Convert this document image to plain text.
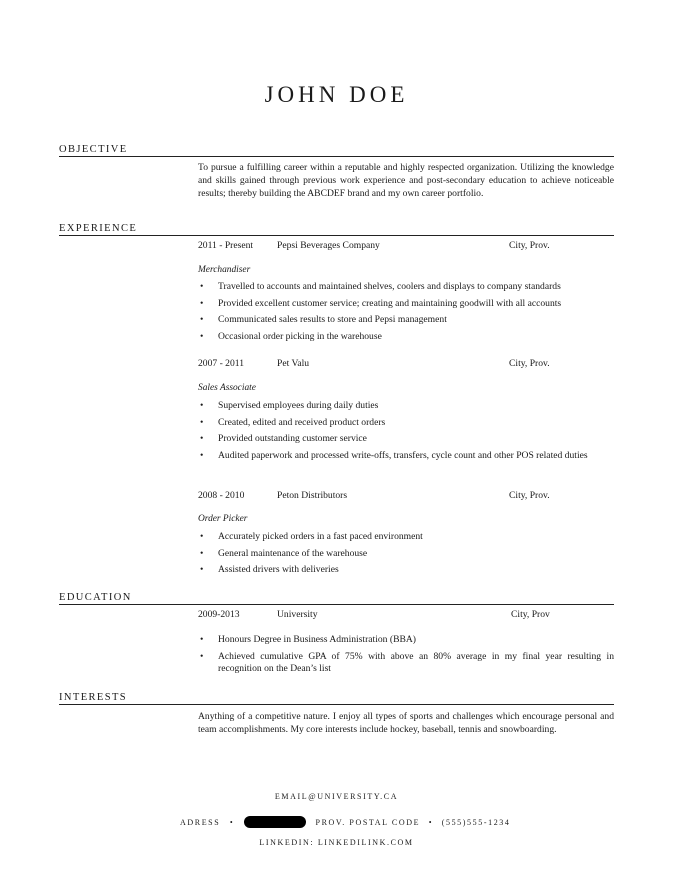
JOHN DOE
OBJECTIVE
To pursue a fulfilling career within a reputable and highly respected organization. Utilizing the knowledge and skills gained through previous work experience and post-secondary education to achieve noticeable results; thereby building the ABCDEF brand and my own career portfolio.
EXPERIENCE
2011 - Present Pepsi Beverages Company	City, Prov.
Merchandiser
• Travelled to accounts and maintained shelves, coolers and displays to company standards
• Provided excellent customer service; creating and maintaining goodwill with all accounts
• Communicated sales results to store and Pepsi management
• Occasional order picking in the warehouse
2007 - 2011	Pet Valu	City, Prov.
Sales Associate
• Supervised employees during daily duties
• Created, edited and received product orders
• Provided outstanding customer service
• Audited paperwork and processed write-offs, transfers, cycle count and other POS related duties
2008 - 2010	Peton Distributors	City, Prov.
Order Picker
• Accurately picked orders in a fast paced environment
• General maintenance of the warehouse
• Assisted drivers with deliveries
EDUCATION
2009-2013	University	City, Prov
• Honours Degree in Business Administration (BBA)
• Achieved cumulative GPA of 75% with above an 80% average in my final year resulting in recognition on the Dean’s list
INTERESTS
Anything of a competitive nature. I enjoy all types of sports and challenges which encourage personal and team accomplishments. My core interests include hockey, baseball, tennis and snowboarding.
EMAIL@UNIVERSITY.CA
ADRESS •	PROV. POSTAL CODE • (555)555-1234
LINKEDIN: LINKEDILINK.COM
